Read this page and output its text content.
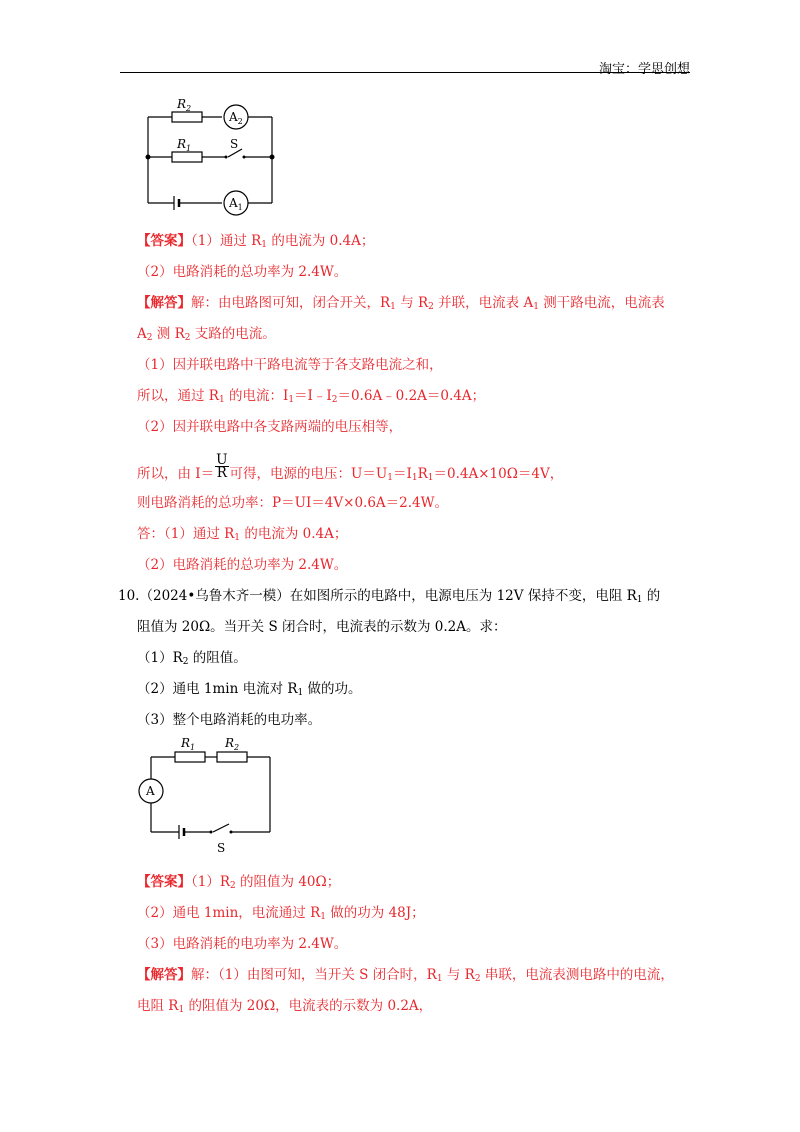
淘宝：学思创想
$R_2$
$A_2$
$R_1$	S
$A_1$
【答案】（1）通过 $R_1$ 的电流为 0.4A；
（2）电路消耗的总功率为 2.4W。
【解答】解：由电路图可知，闭合开关，$R_1$ 与 $R_2$ 并联，电流表 $A_1$ 测干路电流，电流表
$A_2$ 测 $R_2$ 支路的电流。
（1）因并联电路中干路电流等于各支路电流之和，
所以，通过 $R_1$ 的电流：$I_1=I﹣I_2=0.6A﹣0.2A=0.4A$；
（2）因并联电路中各支路两端的电压相等，
所以，由 $I= \frac{U}{R}$ 可得，电源的电压：$U=U_1=I_1R_1=0.4A\times 10\Omega=4V$，
则电路消耗的总功率：P＝UI＝4V×0.6A＝2.4W。
答：（1）通过 $R_1$ 的电流为 0.4A；
（2）电路消耗的总功率为 2.4W。
10.（2024•乌鲁木齐一模）在如图所示的电路中，电源电压为 12V 保持不变，电阻 $R_1$ 的
阻值为 20Ω。当开关 S 闭合时，电流表的示数为 0.2A。求：
$(1)R_2$ 的阻值。
（2）通电 1min 电流对 $R_1$ 做的功。
（3）整个电路消耗的电功率。
$R_1$ $R_2$
A
S
【答案】$(1)R_2$ 的阻值为 40Ω；
（2）通电 1min，电流通过 $R_1$ 做的功为 48J；
（3）电路消耗的电功率为 2.4W。
【解答】解：（1）由图可知，当开关 S 闭合时，$R_1$ 与 $R_2$ 串联，电流表测电路中的电流，
电阻 $R_1$ 的阻值为 20Ω，电流表的示数为 0.2A，
